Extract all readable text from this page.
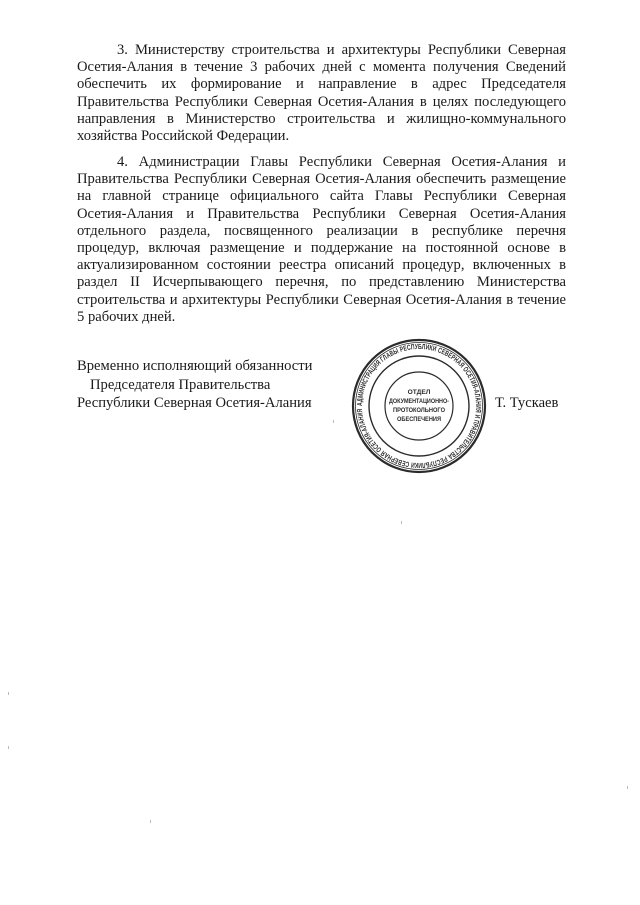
3. Министерству строительства и архитектуры Республики Северная Осетия-Алания в течение 3 рабочих дней с момента получения Сведений обеспечить их формирование и направление в адрес Председателя Правительства Республики Северная Осетия-Алания в целях последующего направления в Министерство строительства и жилищно-коммунального хозяйства Российской Федерации.

4. Администрации Главы Республики Северная Осетия-Алания и Правительства Республики Северная Осетия-Алания обеспечить размещение на главной странице официального сайта Главы Республики Северная Осетия-Алания и Правительства Республики Северная Осетия-Алания отдельного раздела, посвященного реализации в республике перечня процедур, включая размещение и поддержание на постоянной основе в актуализированном состоянии реестра описаний процедур, включенных в раздел II Исчерпывающего перечня, по представлению Министерства строительства и архитектуры Республики Северная Осетия-Алания в течение 5 рабочих дней.

Временно исполняющий обязанности
Председателя Правительства
Республики Северная Осетия-Алания	Т. Тускаев
АДМИНИСТРАЦИЯ ГЛАВЫ РЕСПУБЛИКИ СЕВЕРНАЯ ОСЕТИЯ-АЛАНИЯ И ПРАВИТЕЛЬСТВА РЕСПУБЛИКИ СЕВЕРНАЯ ОСЕТИЯ-АЛАНИЯ
ОТДЕЛ
ДОКУМЕНТАЦИОННО-
ПРОТОКОЛЬНОГО
ОБЕСПЕЧЕНИЯ
